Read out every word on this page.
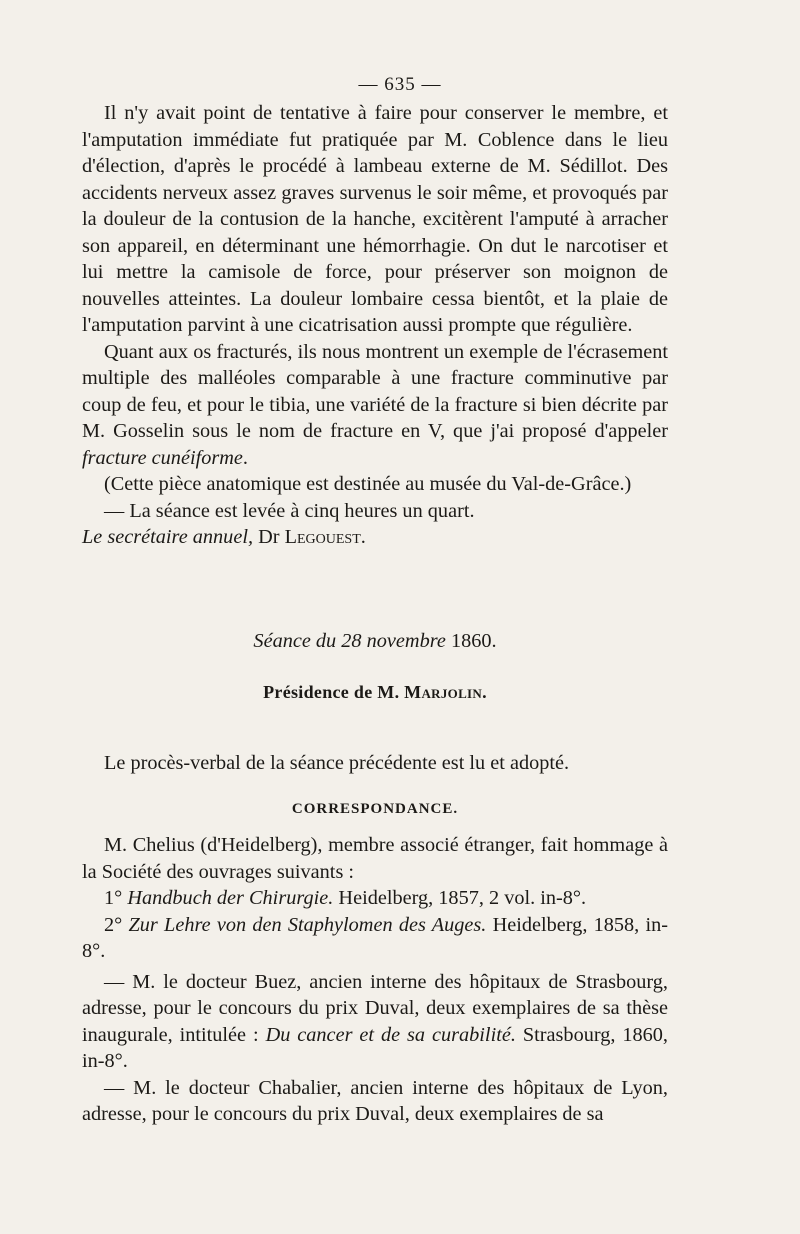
— 635 —

Il n'y avait point de tentative à faire pour conserver le membre, et l'amputation immédiate fut pratiquée par M. Coblence dans le lieu d'élection, d'après le procédé à lambeau externe de M. Sédillot. Des accidents nerveux assez graves survenus le soir même, et provoqués par la douleur de la contusion de la hanche, excitèrent l'amputé à arracher son appareil, en déterminant une hémorrhagie. On dut le narcotiser et lui mettre la camisole de force, pour préserver son moignon de nouvelles atteintes. La douleur lombaire cessa bientôt, et la plaie de l'amputation parvint à une cicatrisation aussi prompte que régulière.

Quant aux os fracturés, ils nous montrent un exemple de l'écrasement multiple des malléoles comparable à une fracture comminutive par coup de feu, et pour le tibia, une variété de la fracture si bien décrite par M. Gosselin sous le nom de fracture en V, que j'ai proposé d'appeler fracture cunéiforme.

(Cette pièce anatomique est destinée au musée du Val-de-Grâce.)

— La séance est levée à cinq heures un quart.

Le secrétaire annuel, Dr Legouest.

Séance du 28 novembre 1860.
Présidence de M. Marjolin.
Le procès-verbal de la séance précédente est lu et adopté.
CORRESPONDANCE.

M. Chelius (d'Heidelberg), membre associé étranger, fait hommage à la Société des ouvrages suivants :

1° Handbuch der Chirurgie. Heidelberg, 1857, 2 vol. in-8°.

2° Zur Lehre von den Staphylomen des Auges. Heidelberg, 1858, in-8°.

— M. le docteur Buez, ancien interne des hôpitaux de Strasbourg, adresse, pour le concours du prix Duval, deux exemplaires de sa thèse inaugurale, intitulée : Du cancer et de sa curabilité. Strasbourg, 1860, in-8°.

— M. le docteur Chabalier, ancien interne des hôpitaux de Lyon, adresse, pour le concours du prix Duval, deux exemplaires de sa
